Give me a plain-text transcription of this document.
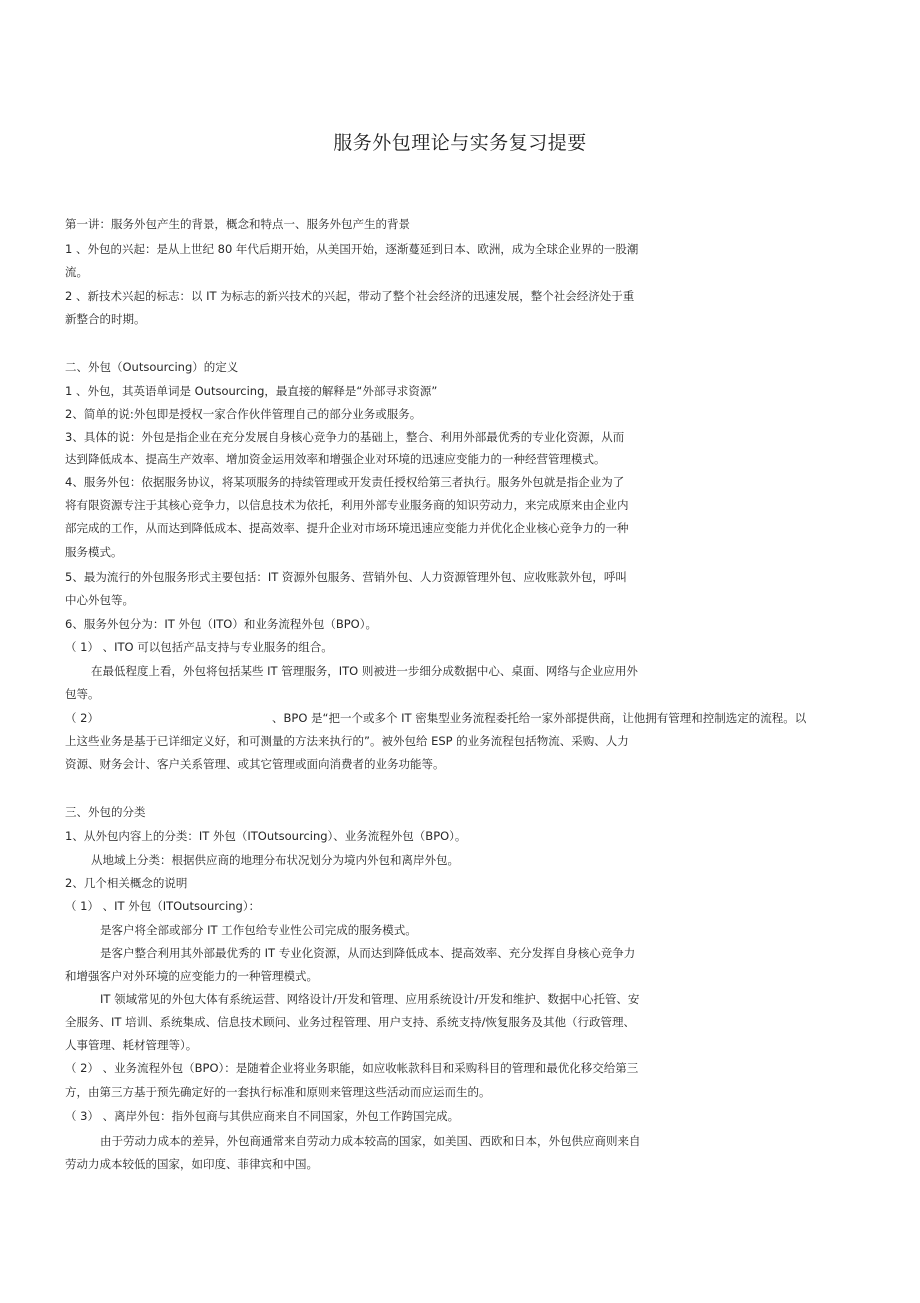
服务外包理论与实务复习提要
第一讲：服务外包产生的背景，概念和特点一、服务外包产生的背景
1 、外包的兴起：是从上世纪 80 年代后期开始，从美国开始，逐渐蔓延到日本、欧洲，成为全球企业界的一股潮
流。
2 、新技术兴起的标志：以 IT 为标志的新兴技术的兴起，带动了整个社会经济的迅速发展，整个社会经济处于重
新整合的时期。
二、外包（Outsourcing）的定义
1 、外包，其英语单词是 Outsourcing，最直接的解释是“外部寻求资源”
2、简单的说:外包即是授权一家合作伙伴管理自己的部分业务或服务。
3、具体的说：外包是指企业在充分发展自身核心竞争力的基础上，整合、利用外部最优秀的专业化资源，从而
达到降低成本、提高生产效率、增加资金运用效率和增强企业对环境的迅速应变能力的一种经营管理模式。
4、服务外包：依据服务协议，将某项服务的持续管理或开发责任授权给第三者执行。服务外包就是指企业为了
将有限资源专注于其核心竞争力，以信息技术为依托，利用外部专业服务商的知识劳动力，来完成原来由企业内
部完成的工作，从而达到降低成本、提高效率、提升企业对市场环境迅速应变能力并优化企业核心竞争力的一种
服务模式。
5、最为流行的外包服务形式主要包括：IT 资源外包服务、营销外包、人力资源管理外包、应收账款外包，呼叫
中心外包等。
6、服务外包分为：IT 外包（ITO）和业务流程外包（BPO）。
（ 1） 、ITO 可以包括产品支持与专业服务的组合。
在最低程度上看，外包将包括某些 IT 管理服务，ITO 则被进一步细分成数据中心、桌面、网络与企业应用外
包等。
（ 2）	、BPO 是“把一个或多个 IT 密集型业务流程委托给一家外部提供商，让他拥有管理和控制选定的流程。以
上这些业务是基于已详细定义好，和可测量的方法来执行的”。被外包给 ESP 的业务流程包括物流、采购、人力
资源、财务会计、客户关系管理、或其它管理或面向消费者的业务功能等。
三、外包的分类
1、从外包内容上的分类：IT 外包（ITOutsourcing）、业务流程外包（BPO）。
从地域上分类：根据供应商的地理分布状况划分为境内外包和离岸外包。
2、几个相关概念的说明
（ 1） 、IT 外包（ITOutsourcing）：
是客户将全部或部分 IT 工作包给专业性公司完成的服务模式。
是客户整合利用其外部最优秀的 IT 专业化资源，从而达到降低成本、提高效率、充分发挥自身核心竞争力
和增强客户对外环境的应变能力的一种管理模式。
IT 领域常见的外包大体有系统运营、网络设计/开发和管理、应用系统设计/开发和维护、数据中心托管、安
全服务、IT 培训、系统集成、信息技术顾问、业务过程管理、用户支持、系统支持/恢复服务及其他（行政管理、
人事管理、耗材管理等）。
（ 2） 、业务流程外包（BPO）：是随着企业将业务职能，如应收帐款科目和采购科目的管理和最优化移交给第三
方，由第三方基于预先确定好的一套执行标准和原则来管理这些活动而应运而生的。
（ 3） 、离岸外包：指外包商与其供应商来自不同国家，外包工作跨国完成。
由于劳动力成本的差异，外包商通常来自劳动力成本较高的国家，如美国、西欧和日本，外包供应商则来自
劳动力成本较低的国家，如印度、菲律宾和中国。
